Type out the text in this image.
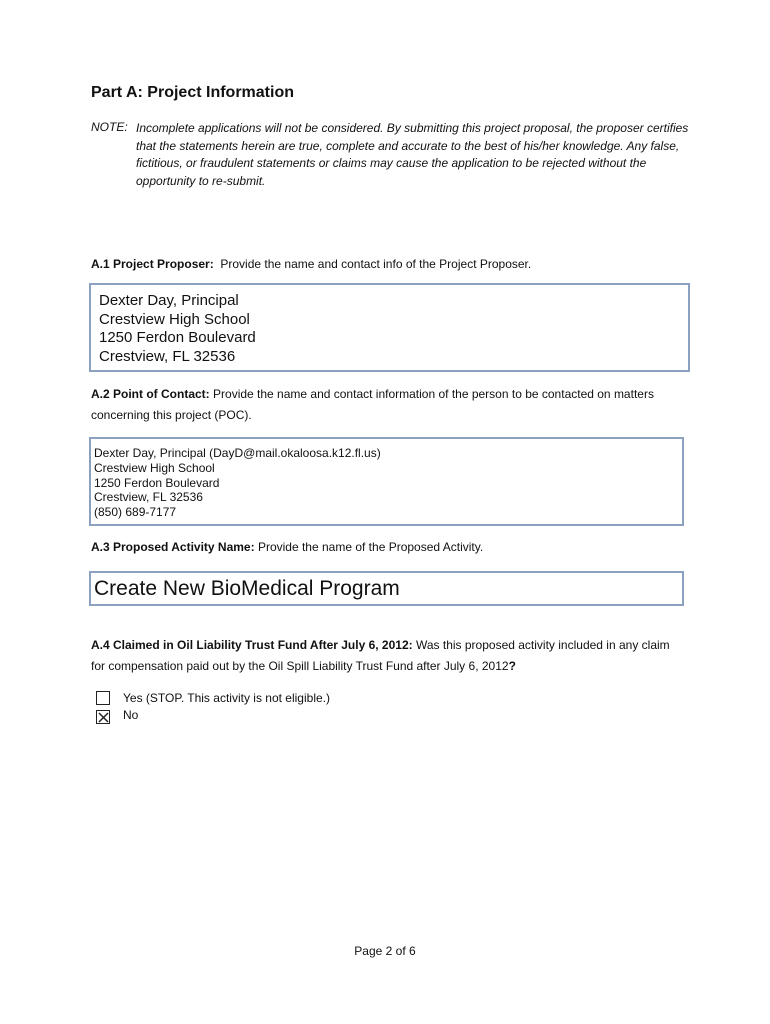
Part A: Project Information
NOTE: Incomplete applications will not be considered. By submitting this project proposal, the proposer certifies that the statements herein are true, complete and accurate to the best of his/her knowledge. Any false, fictitious, or fraudulent statements or claims may cause the application to be rejected without the opportunity to re-submit.
A.1 Project Proposer: Provide the name and contact info of the Project Proposer.
Dexter Day, Principal
Crestview High School
1250 Ferdon Boulevard
Crestview, FL 32536
A.2 Point of Contact: Provide the name and contact information of the person to be contacted on matters concerning this project (POC).
Dexter Day, Principal (DayD@mail.okaloosa.k12.fl.us)
Crestview High School
1250 Ferdon Boulevard
Crestview, FL 32536
(850) 689-7177
A.3 Proposed Activity Name: Provide the name of the Proposed Activity.
Create New BioMedical Program
A.4 Claimed in Oil Liability Trust Fund After July 6, 2012: Was this proposed activity included in any claim for compensation paid out by the Oil Spill Liability Trust Fund after July 6, 2012?
Yes (STOP. This activity is not eligible.)
No
Page 2 of 6
